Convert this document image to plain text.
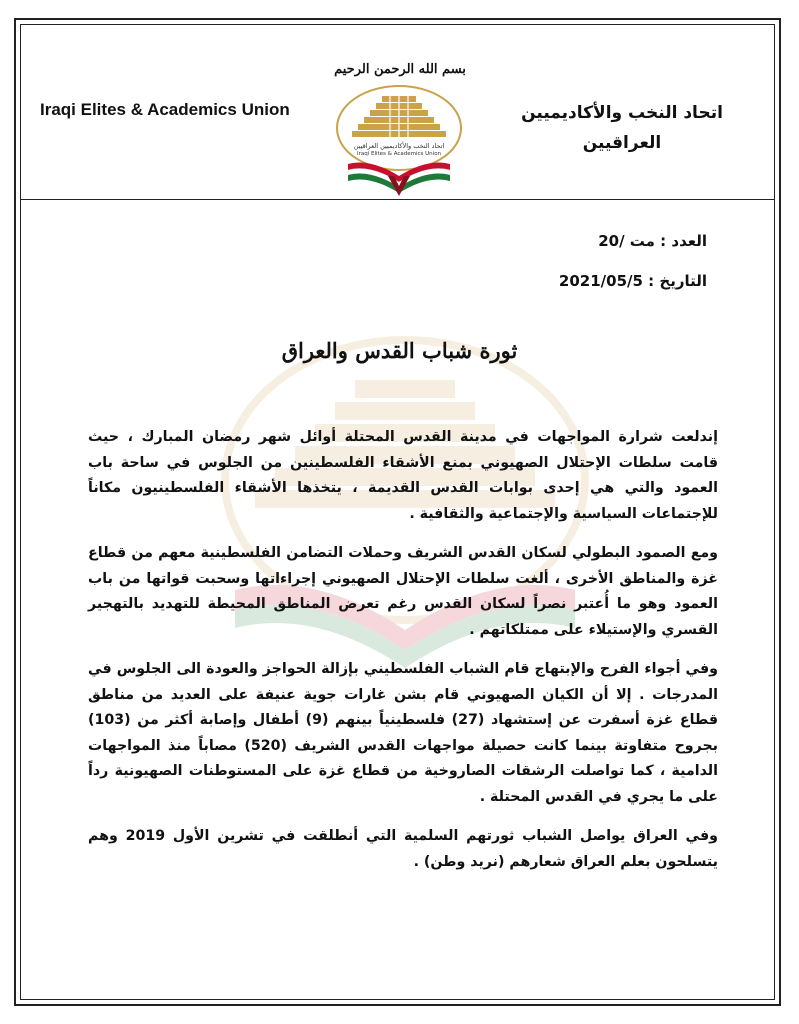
بسم الله الرحمن الرحيم
Iraqi Elites & Academics Union	اتحاد النخب والأكاديميين
العراقيين
اتحاد النخب والأكاديميين العراقيين
Iraqi Elites & Academics Union
العدد : مت /20
التاريخ : 2021/05/5
ثورة شباب القدس والعراق

إندلعت شرارة المواجهات في مدينة القدس المحتلة أوائل شهر رمضان المبارك ، حيث قامت سلطات الإحتلال الصهيوني بمنع الأشقاء الفلسطينين من الجلوس في ساحة باب العمود والتي هي إحدى بوابات القدس القديمة ، يتخذها الأشقاء الفلسطينيون مكاناً للإجتماعات السياسية والإجتماعية والثقافية .

ومع الصمود البطولي لسكان القدس الشريف وحملات التضامن الفلسطينية معهم من قطاع غزة والمناطق الأخرى ، ألغت سلطات الإحتلال الصهيوني إجراءاتها وسحبت قواتها من باب العمود وهو ما أُعتبر نصراً لسكان القدس رغم تعرض المناطق المحيطة للتهديد بالتهجير القسري والإستيلاء على ممتلكاتهم .

وفي أجواء الفرح والإبتهاج قام الشباب الفلسطيني بإزالة الحواجز والعودة الى الجلوس في المدرجات . إلا أن الكيان الصهيوني قام بشن غارات جوية عنيفة على العديد من مناطق قطاع غزة أسفرت عن إستشهاد (27) فلسطينياً بينهم (9) أطفال وإصابة أكثر من (103) بجروح متفاوتة بينما كانت حصيلة مواجهات القدس الشريف (520) مصاباً منذ المواجهات الدامية ، كما تواصلت الرشقات الصاروخية من قطاع غزة على المستوطنات الصهيونية رداً على ما يجري في القدس المحتلة .

وفي العراق يواصل الشباب ثورتهم السلمية التي أنطلقت في تشرين الأول 2019 وهم يتسلحون بعلم العراق شعارهم (نريد وطن) .
